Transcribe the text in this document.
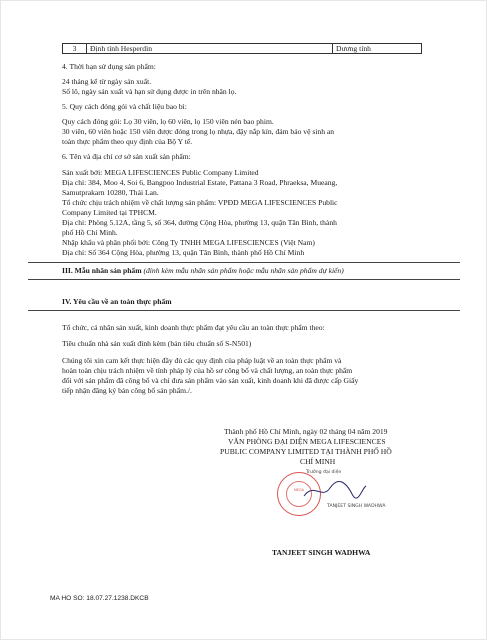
3	Định tính Hesperdin	Dương tính
4. Thời hạn sử dụng sản phẩm:
24 tháng kể từ ngày sản xuất.
Số lô, ngày sản xuất và hạn sử dụng được in trên nhãn lọ.
5. Quy cách đóng gói và chất liệu bao bì:
Quy cách đóng gói: Lọ 30 viên, lọ 60 viên, lọ 150 viên nén bao phim.
30 viên, 60 viên hoặc 150 viên được đóng trong lọ nhựa, đậy nắp kín, đảm bảo vệ sinh an
toàn thực phẩm theo quy định của Bộ Y tế.
6. Tên và địa chỉ cơ sở sản xuất sản phẩm:
Sản xuất bởi: MEGA LIFESCIENCES Public Company Limited
Địa chỉ: 384, Moo 4, Soi 6, Bangpoo Industrial Estate, Pattana 3 Road, Phraeksa, Mueang,
Samutprakarn 10280, Thái Lan.
Tổ chức chịu trách nhiệm về chất lượng sản phẩm: VPĐD MEGA LIFESCIENCES Public
Company Limited tại TPHCM.
Địa chỉ: Phòng 5.12A, tầng 5, số 364, đường Cộng Hòa, phường 13, quận Tân Bình, thành
phố Hồ Chí Minh.
Nhập khẩu và phân phối bởi: Công Ty TNHH MEGA LIFESCIENCES (Việt Nam)
Địa chỉ: Số 364 Cộng Hòa, phường 13, quận Tân Bình, thành phố Hồ Chí Minh
III. Mẫu nhãn sản phẩm (đính kèm mẫu nhãn sản phẩm hoặc mẫu nhãn sản phẩm dự kiến)
IV. Yêu cầu về an toàn thực phẩm
Tổ chức, cá nhân sản xuất, kinh doanh thực phẩm đạt yêu cầu an toàn thực phẩm theo:
Tiêu chuẩn nhà sản xuất đính kèm (bản tiêu chuẩn số S-N501)
Chúng tôi xin cam kết thực hiện đầy đủ các quy định của pháp luật về an toàn thực phẩm và
hoàn toàn chịu trách nhiệm về tính pháp lý của hồ sơ công bố và chất lượng, an toàn thực phẩm
đối với sản phẩm đã công bố và chỉ đưa sản phẩm vào sản xuất, kinh doanh khi đã được cấp Giấy
tiếp nhận đăng ký bản công bố sản phẩm./.
Thành phố Hồ Chí Minh, ngày 02 tháng 04 năm 2019
VĂN PHÒNG ĐẠI DIỆN MEGA LIFESCIENCES
PUBLIC COMPANY LIMITED TẠI THÀNH PHỐ HỒ
CHÍ MINH
Trưởng đại diện
MEGA
TANJEET SINGH WADHWA
TANJEET SINGH WADHWA
MA HO SO: 18.07.27.1238.DKCB
